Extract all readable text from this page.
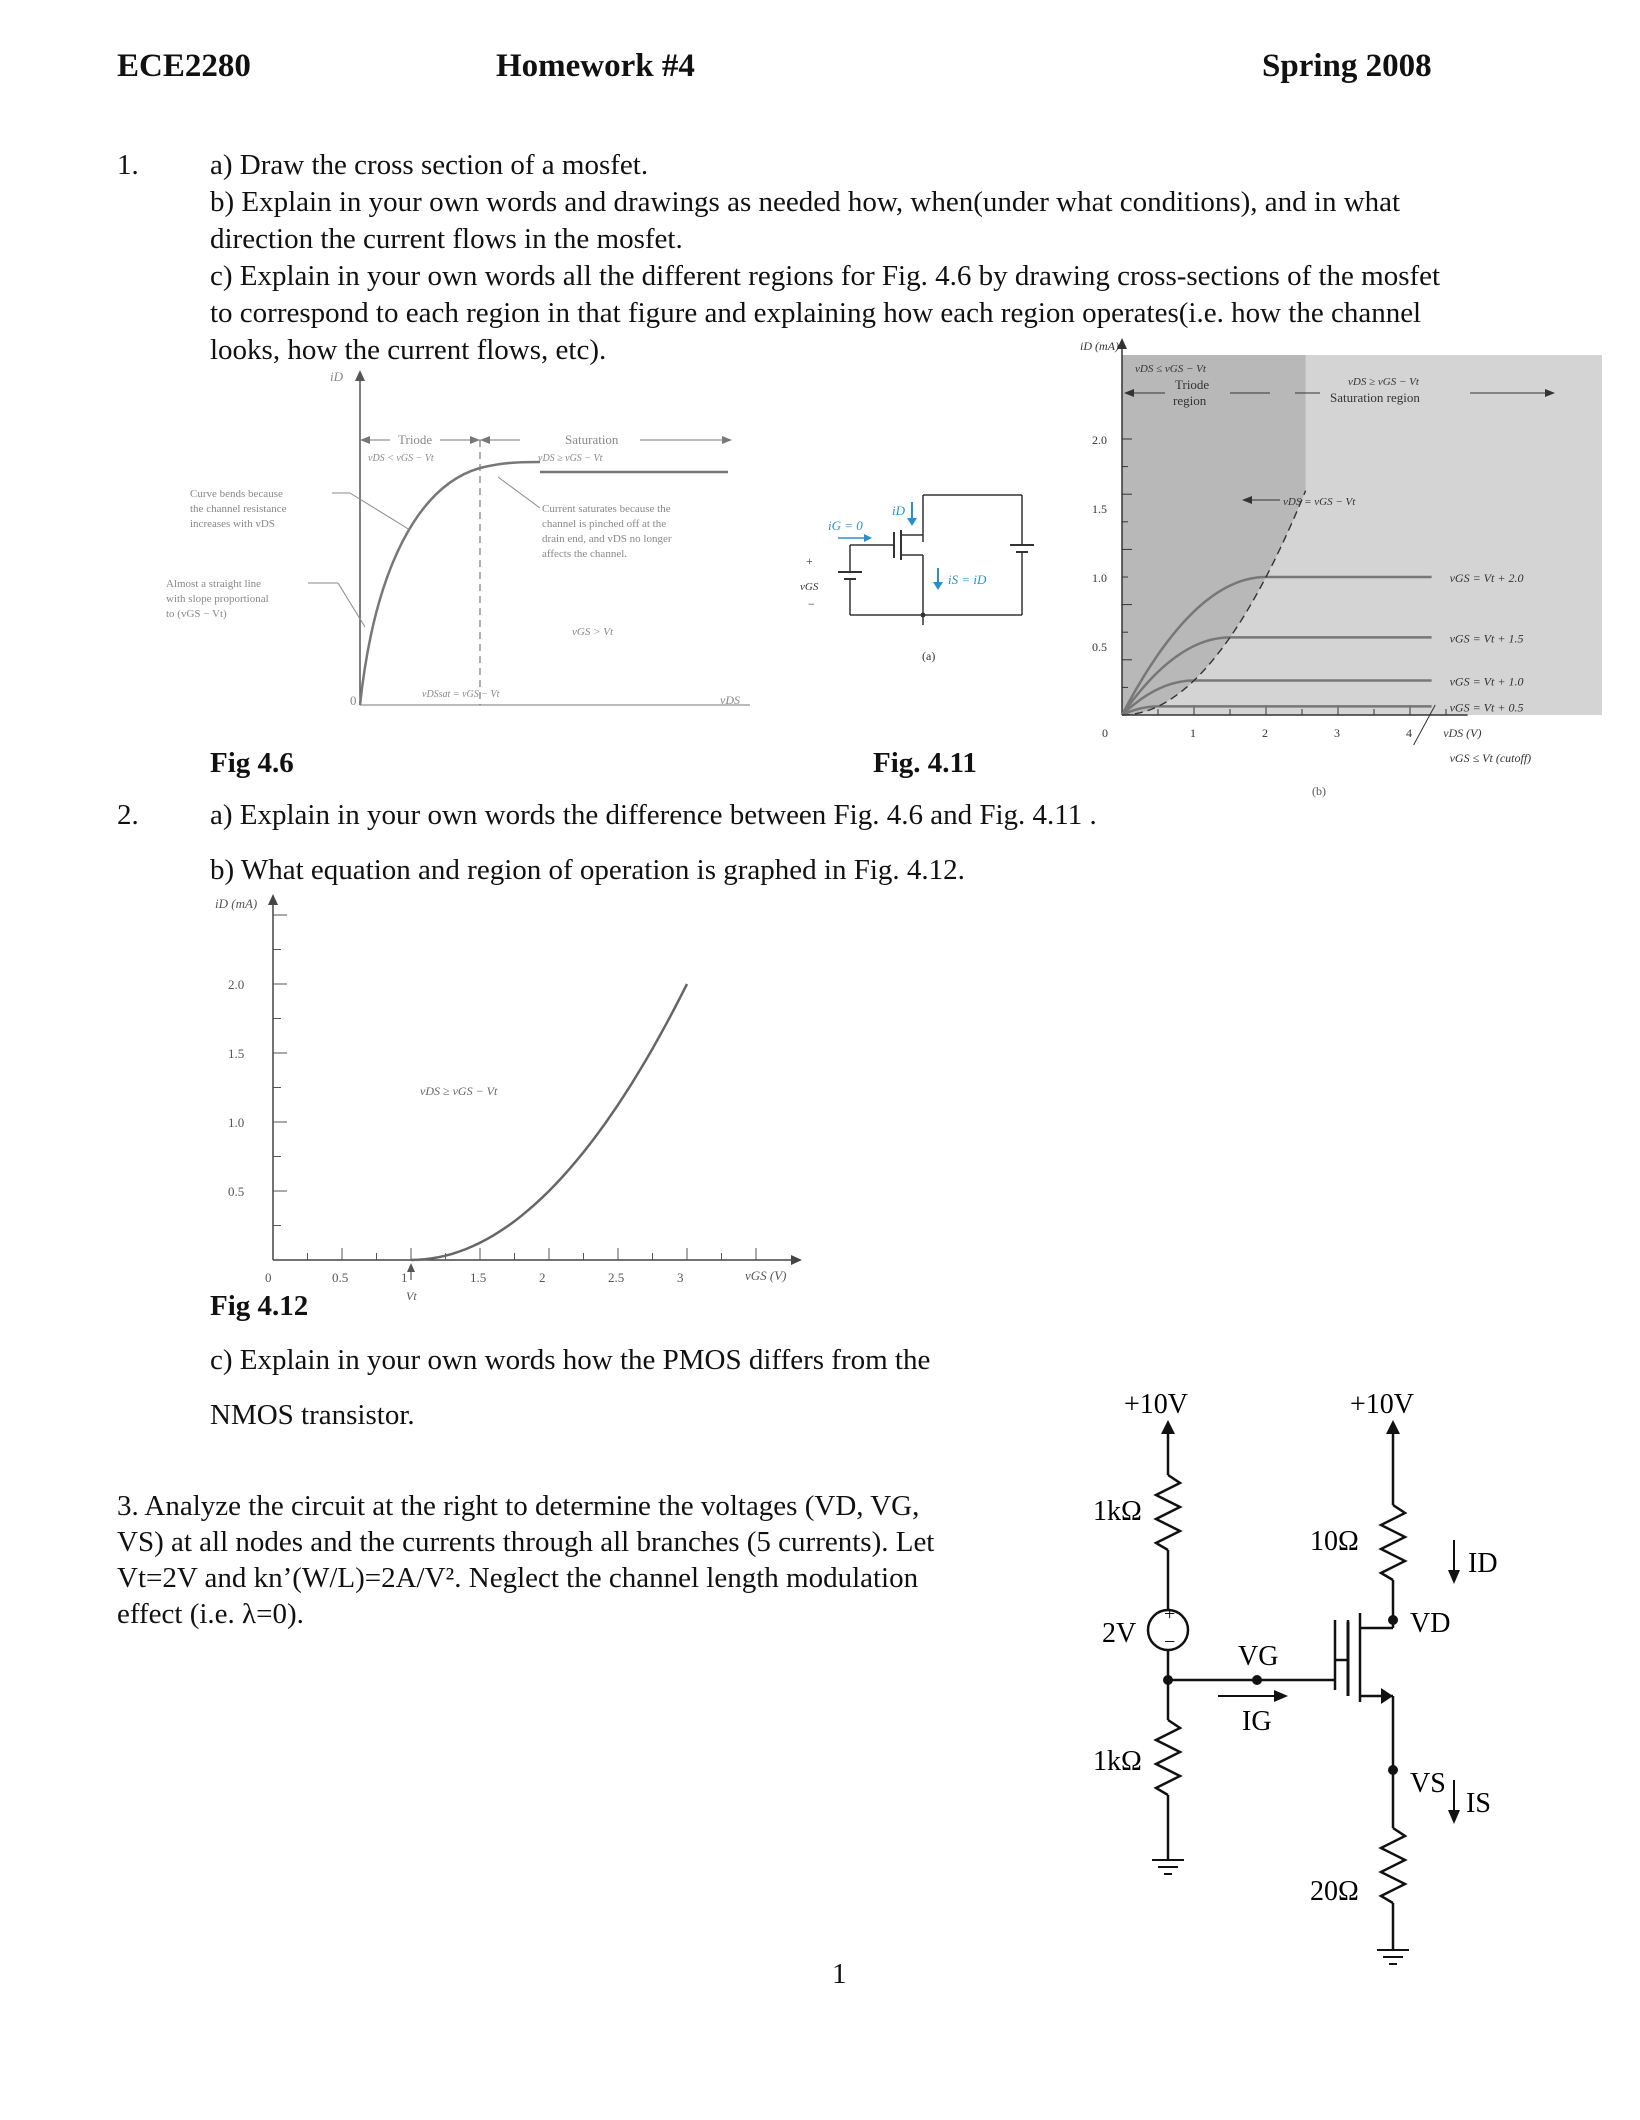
ECE2280	Homework #4	Spring 2008
1. a) Draw the cross section of a mosfet.
b) Explain in your own words and drawings as needed how, when(under what conditions), and in what
direction the current flows in the mosfet.
c) Explain in your own words all the different regions for Fig. 4.6 by drawing cross-sections of the mosfet
to correspond to each region in that figure and explaining how each region operates(i.e. how the channel
looks, how the current flows, etc).
iD
0	vDS
Triode
vDS < vGS − Vt
Saturation
vDS ≥ vGS − Vt
Curve bends because the channel resistance increases with vDS
Almost a straight line with slope proportional to (vGS − Vt)
Current saturates because the channel is pinched off at the drain end, and vDS no longer affects the channel.
vGS > Vt
vDSsat = vGS − Vt
Fig 4.6
iG = 0
iD
+
vGS
−
iS = iD
(a)
Fig. 4.11
iD (mA)
vDS (V)
0
2.0
1.5
1.0
0.5
1	2	3	4
vGS = Vt + 2.0
vGS = Vt + 1.5
vGS = Vt + 1.0
vGS = Vt + 0.5
vDS ≤ vGS − Vt
Triode
region
vDS ≥ vGS − Vt
Saturation region
vDS = vGS − Vt
vGS ≤ Vt (cutoff)
(b)
2. a) Explain in your own words the difference between Fig. 4.6 and Fig. 4.11 .
b) What equation and region of operation is graphed in Fig. 4.12.
iD (mA)
vGS (V)
0
2.0
1.5
1.0
0.5
0.5	1	1.5	2	2.5	3
vDS ≥ vGS − Vt
Vt
Fig 4.12
c) Explain in your own words how the PMOS differs from the
NMOS transistor.
3. Analyze the circuit at the right to determine the voltages (VD, VG,
VS) at all nodes and the currents through all branches (5 currents). Let
Vt=2V and kn’(W/L)=2A/V². Neglect the channel length modulation
effect (i.e. λ=0).	+
−
+10V	+10V
1kΩ
1kΩ
10Ω
20Ω
2V
VG
IG
VD
ID
VS
IS
1
